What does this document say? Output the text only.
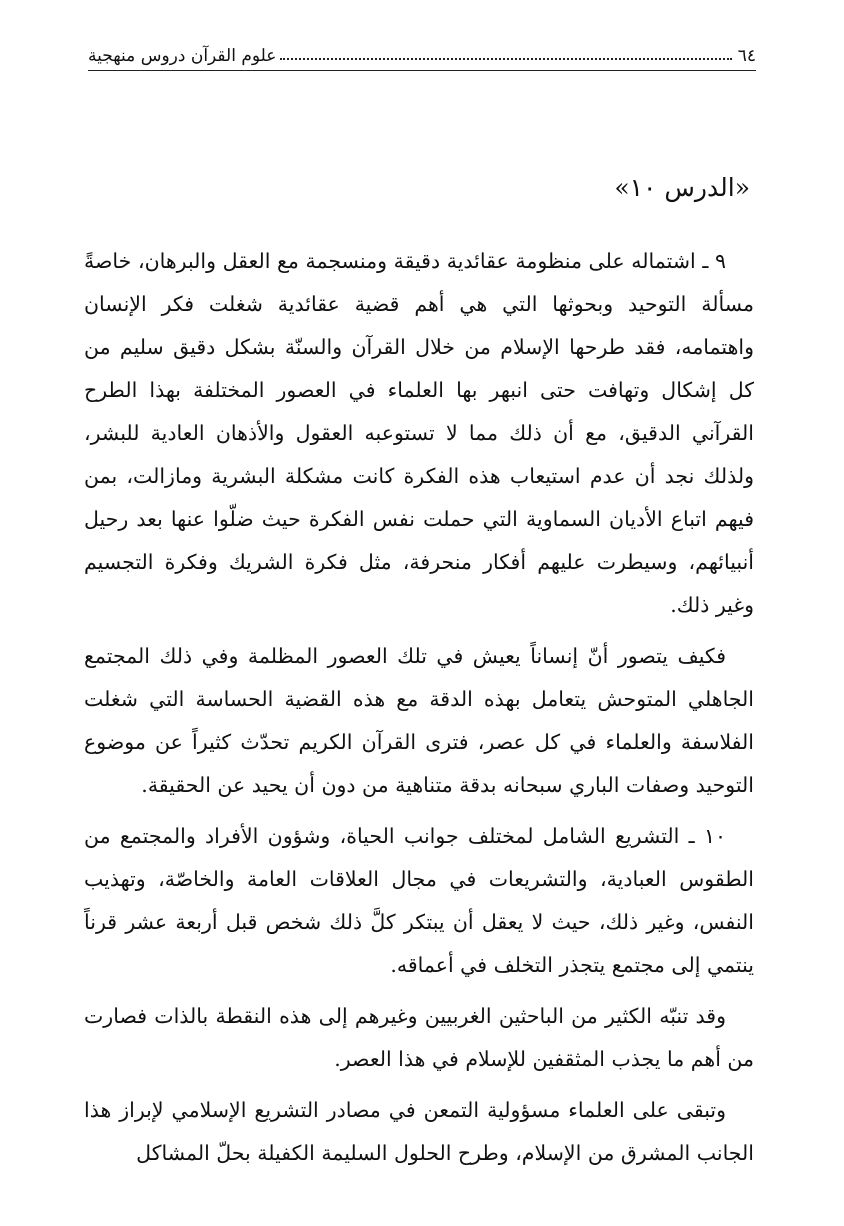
٦٤
علوم القرآن دروس منهجية
«الدرس ١٠»

٩ ـ اشتماله على منظومة عقائدية دقيقة ومنسجمة مع العقل والبرهان، خاصةً مسألة التوحيد وبحوثها التي هي أهم قضية عقائدية شغلت فكر الإنسان واهتمامه، فقد طرحها الإسلام من خلال القرآن والسنّة بشكل دقيق سليم من كل إشكال وتهافت حتى انبهر بها العلماء في العصور المختلفة بهذا الطرح القرآني الدقيق، مع أن ذلك مما لا تستوعبه العقول والأذهان العادية للبشر، ولذلك نجد أن عدم استيعاب هذه الفكرة كانت مشكلة البشرية ومازالت، بمن فيهم اتباع الأديان السماوية التي حملت نفس الفكرة حيث ضلّوا عنها بعد رحيل أنبيائهم، وسيطرت عليهم أفكار منحرفة، مثل فكرة الشريك وفكرة التجسيم وغير ذلك.

فكيف يتصور أنّ إنساناً يعيش في تلك العصور المظلمة وفي ذلك المجتمع الجاهلي المتوحش يتعامل بهذه الدقة مع هذه القضية الحساسة التي شغلت الفلاسفة والعلماء في كل عصر، فترى القرآن الكريم تحدّث كثيراً عن موضوع التوحيد وصفات الباري سبحانه بدقة متناهية من دون أن يحيد عن الحقيقة.

١٠ ـ التشريع الشامل لمختلف جوانب الحياة، وشؤون الأفراد والمجتمع من الطقوس العبادية، والتشريعات في مجال العلاقات العامة والخاصّة، وتهذيب النفس، وغير ذلك، حيث لا يعقل أن يبتكر كلَّ ذلك شخص قبل أربعة عشر قرناً ينتمي إلى مجتمع يتجذر التخلف في أعماقه.

وقد تنبّه الكثير من الباحثين الغربيين وغيرهم إلى هذه النقطة بالذات فصارت من أهم ما يجذب المثقفين للإسلام في هذا العصر.

وتبقى على العلماء مسؤولية التمعن في مصادر التشريع الإسلامي لإبراز هذا الجانب المشرق من الإسلام، وطرح الحلول السليمة الكفيلة بحلّ المشاكل
